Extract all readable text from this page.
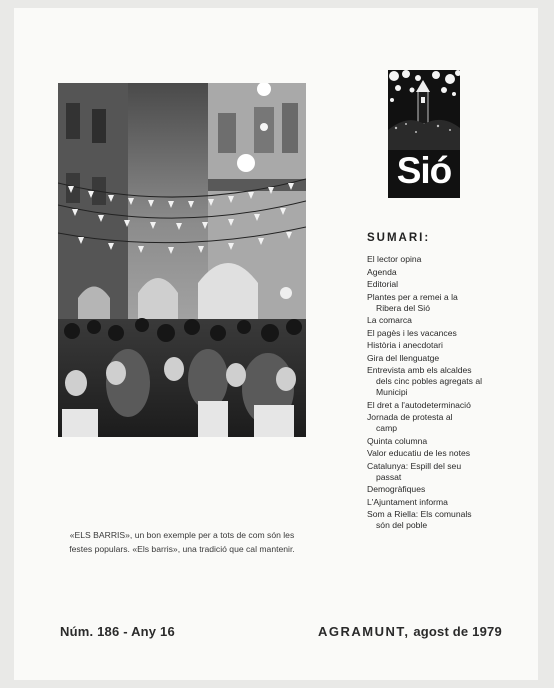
«ELS BARRIS», un bon exemple per a tots de com són les festes populars. «Els barris», una tradició que cal mantenir.
Sió
SUMARI:
El lector opina
Agenda
Editorial
Plantes per a remei a la
Ribera del Sió
La comarca
El pagès i les vacances
Història i anecdotari
Gira del llenguatge
Entrevista amb els alcaldes
dels cinc pobles agregats al Municipi
El dret a l'autodeterminació
Jornada de protesta al
camp
Quinta columna
Valor educatiu de les notes
Catalunya: Espill del seu
passat
Demogràfiques
L'Ajuntament informa
Som a Riella: Els comunals
són del poble
Núm. 186 - Any 16	AGRAMUNT, agost de 1979
